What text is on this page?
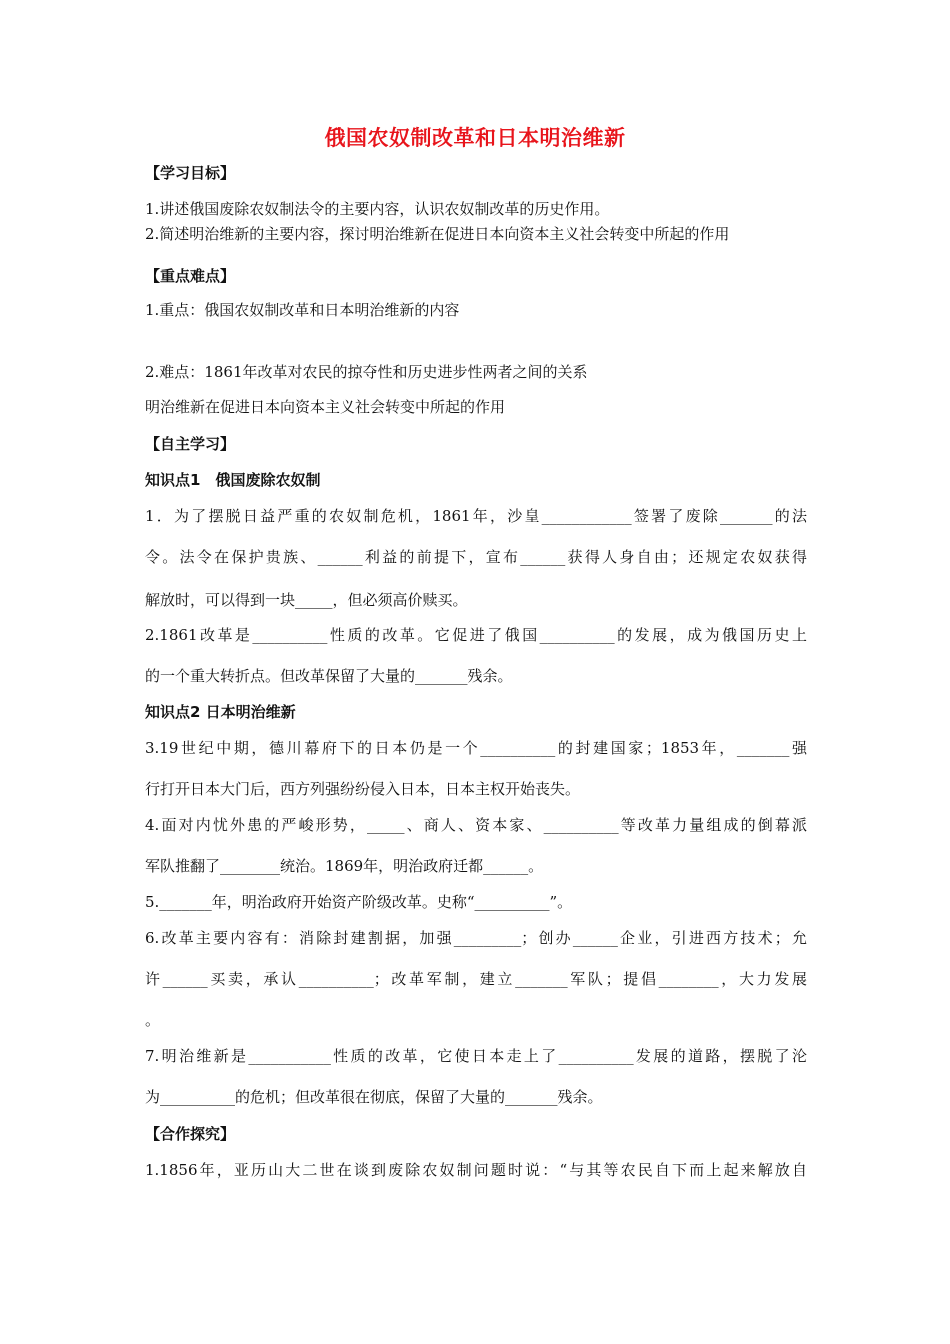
俄国农奴制改革和日本明治维新
【学习目标】
1.讲述俄国废除农奴制法令的主要内容，认识农奴制改革的历史作用。
2.简述明治维新的主要内容，探讨明治维新在促进日本向资本主义社会转变中所起的作用
【重点难点】
1.重点：俄国农奴制改革和日本明治维新的内容
2.难点：1861年改革对农民的掠夺性和历史进步性两者之间的关系
明治维新在促进日本向资本主义社会转变中所起的作用
【自主学习】
知识点1　俄国废除农奴制
1．为了摆脱日益严重的农奴制危机，1861年，沙皇____________签署了废除_______的法
令。法令在保护贵族、______利益的前提下，宣布______获得人身自由；还规定农奴获得
解放时，可以得到一块_____，但必须高价赎买。
2.1861改革是__________性质的改革。它促进了俄国__________的发展，成为俄国历史上
的一个重大转折点。但改革保留了大量的_______残余。
知识点2 日本明治维新
3.19世纪中期，德川幕府下的日本仍是一个__________的封建国家；1853年，_______强
行打开日本大门后，西方列强纷纷侵入日本，日本主权开始丧失。
4.面对内忧外患的严峻形势，_____、商人、资本家、__________等改革力量组成的倒幕派
军队推翻了________统治。1869年，明治政府迁都______。
5._______年，明治政府开始资产阶级改革。史称“__________”。
6.改革主要内容有：消除封建割据，加强_________；创办______企业，引进西方技术；允
许______买卖，承认__________；改革军制，建立_______军队；提倡________，大力发展
。
7.明治维新是___________性质的改革，它使日本走上了__________发展的道路，摆脱了沦
为__________的危机；但改革很在彻底，保留了大量的_______残余。
【合作探究】
1.1856年，亚历山大二世在谈到废除农奴制问题时说：“与其等农民自下而上起来解放自
